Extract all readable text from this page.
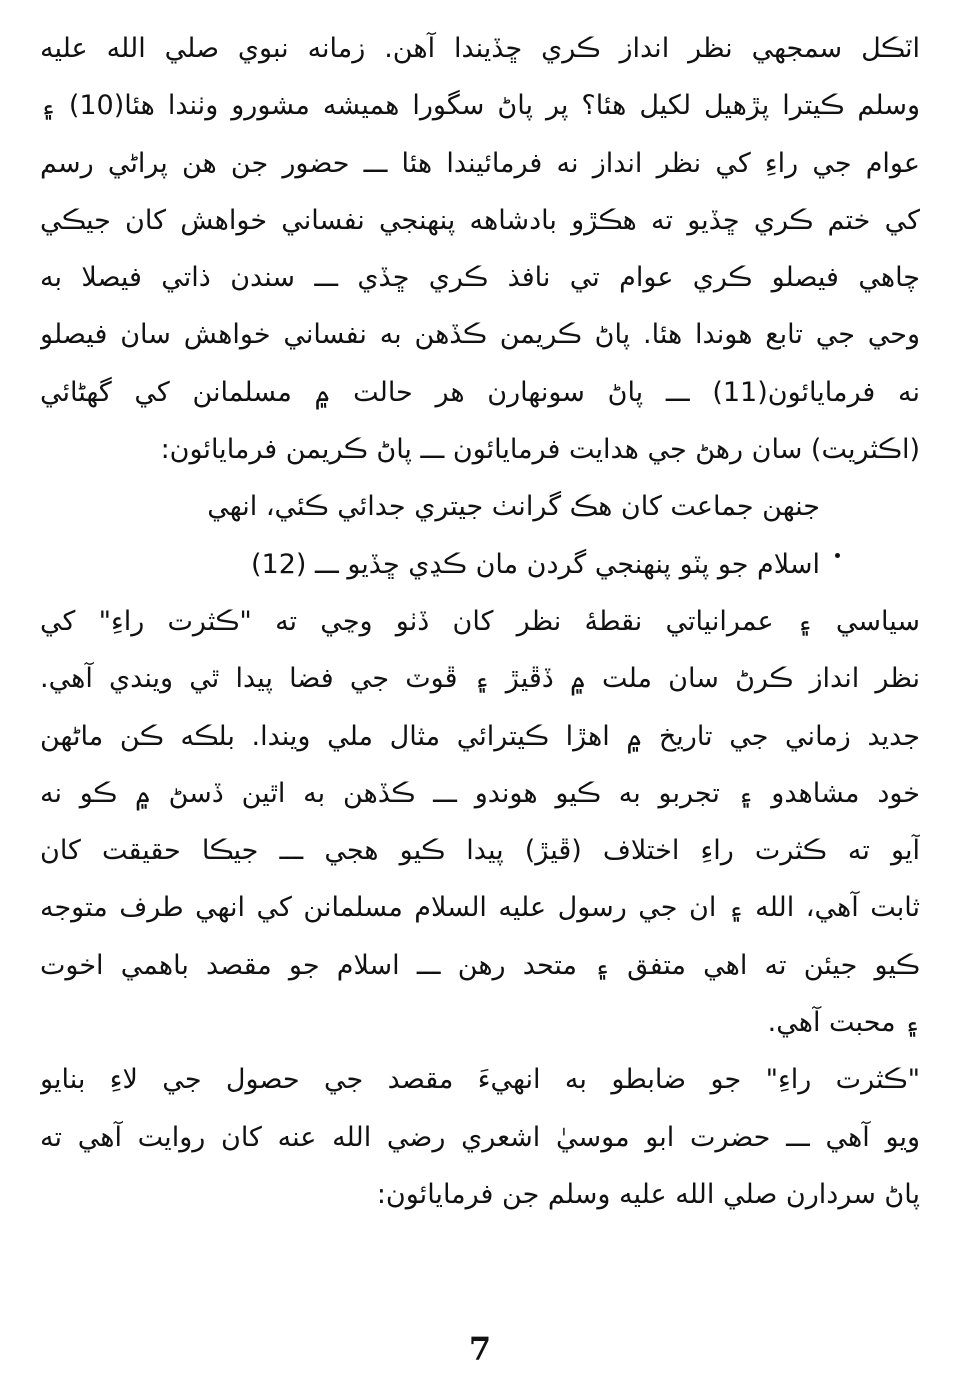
اٽڪل سمجهي نظر انداز ڪري ڇڏيندا آهن. زمانه نبوي صلي الله عليه
وسلم ڪيترا پڙهيل لکيل هئا؟ پر پاڻ سگورا هميشه مشورو وٺندا هئا(10) ۽
عوام جي راءِ کي نظر انداز نه فرمائيندا هئا ـــ حضور جن هن پراڻي رسم
کي ختم ڪري ڇڏيو ته هڪڙو بادشاهه پنهنجي نفساني خواهش کان جيڪي
چاهي فيصلو ڪري عوام تي نافذ ڪري ڇڏي ـــ سندن ذاتي فيصلا به
وحي جي تابع هوندا هئا. پاڻ ڪريمن ڪڏهن به نفساني خواهش سان فيصلو
نه فرمايائون(11) ـــ پاڻ سونهارن هر حالت ۾ مسلمانن کي گهڻائي
(اڪثريت) سان رهڻ جي هدايت فرمايائون ـــ پاڻ ڪريمن فرمايائون:
جنهن جماعت کان هڪ گرانٺ جيتري جدائي ڪئي، انهي
اسلام جو پٽو پنهنجي گردن مان ڪڍي ڇڏيو ـــ (12)
سياسي ۽ عمرانياتي نقطهٔ نظر کان ڏٺو وڃي ته "ڪثرت راءِ" کي
نظر انداز ڪرڻ سان ملت ۾ ڏڦيڙ ۽ ڦوٽ جي فضا پيدا ٿي ويندي آهي.
جديد زماني جي تاريخ ۾ اهڙا ڪيترائي مثال ملي ويندا. بلڪه ڪن ماڻهن
خود مشاهدو ۽ تجربو به ڪيو هوندو ـــ ڪڏهن به اٿين ڏسڻ ۾ ڪو نه
آيو ته ڪثرت راءِ اختلاف (ڦيڙ) پيدا ڪيو هجي ـــ جيڪا حقيقت کان
ثابت آهي، الله ۽ ان جي رسول عليه السلام مسلمانن کي انهي طرف متوجه
ڪيو جيئن ته اهي متفق ۽ متحد رهن ـــ اسلام جو مقصد باهمي اخوت
۽ محبت آهي.
"ڪثرت راءِ" جو ضابطو به انهيءَ مقصد جي حصول جي لاءِ بنايو
ويو آهي ـــ حضرت ابو موسيٰ اشعري رضي الله عنه کان روايت آهي ته
پاڻ سردارن صلي الله عليه وسلم جن فرمايائون:
7
